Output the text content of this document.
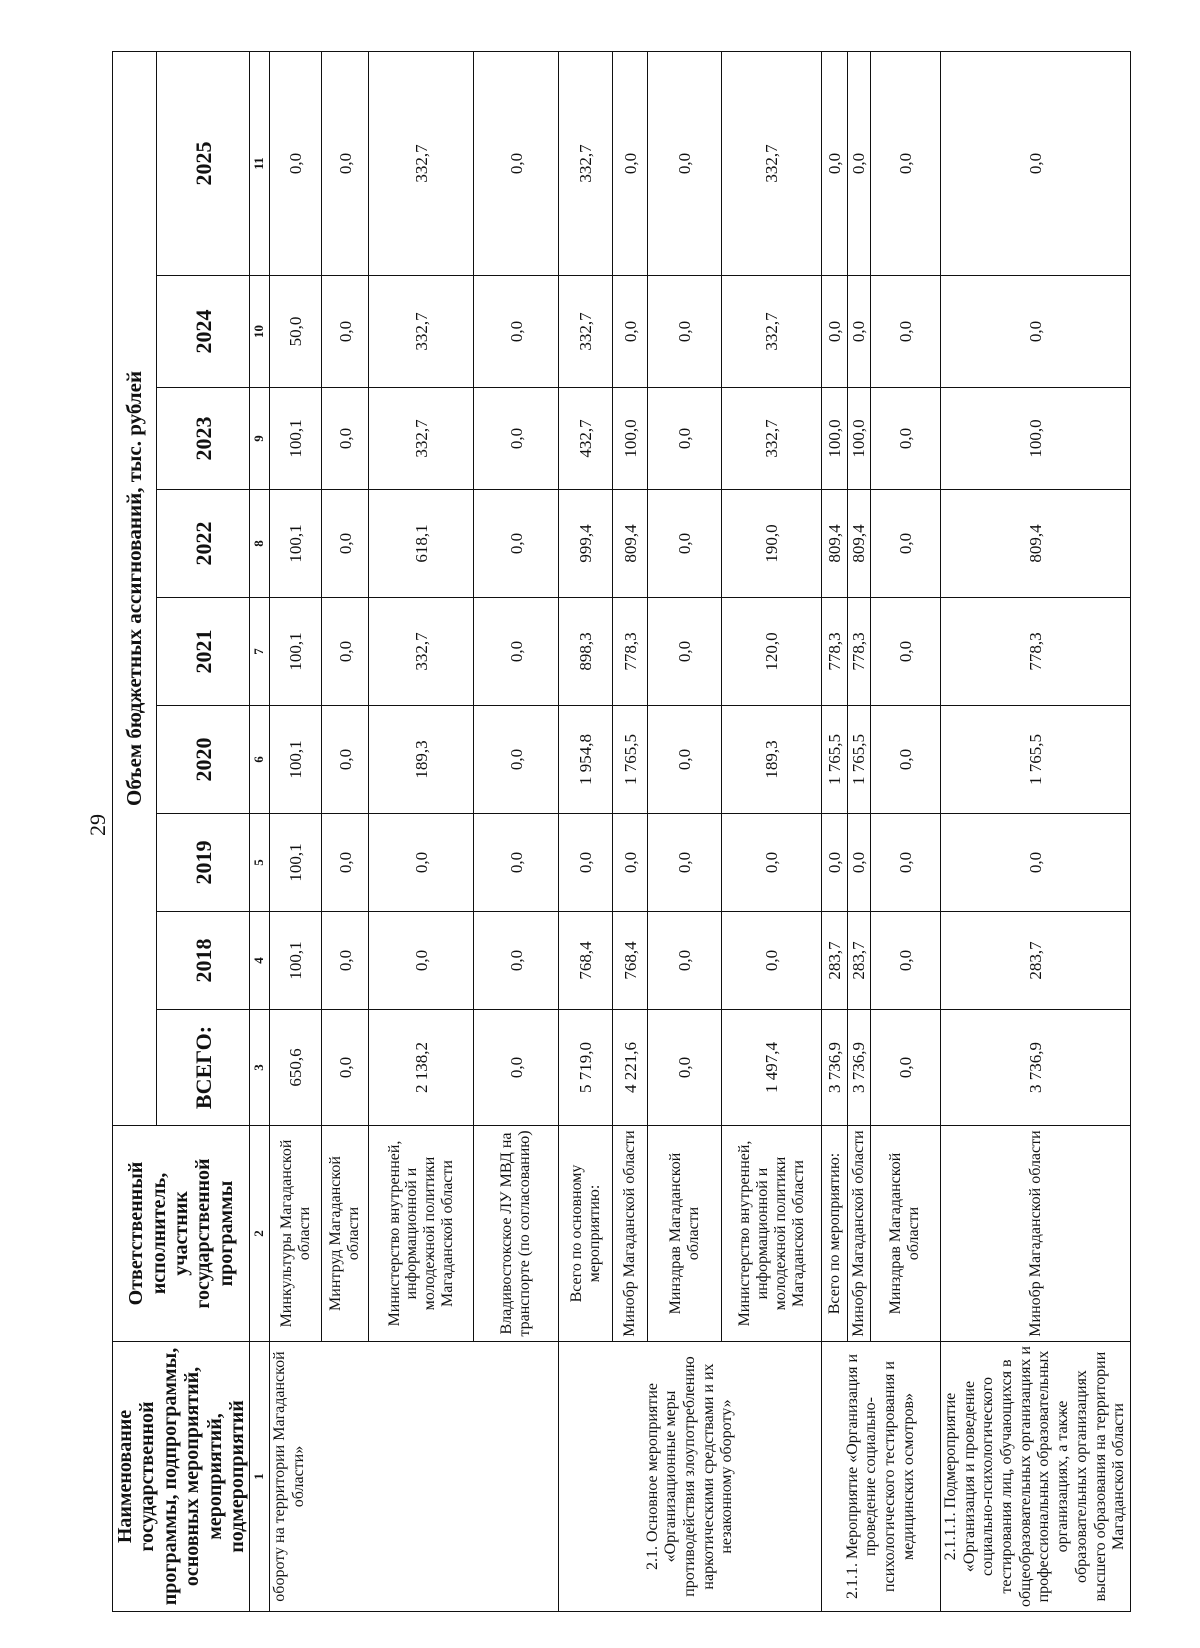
29
Наименование государственной программы, подпрограммы, основных мероприятий, мероприятий, подмероприятий	Ответственный исполнитель, участник государственной программы	Объем бюджетных ассигнований, тыс. рублей								
		ВСЕГО:	2018	2019	2020	2021	2022	2023	2024	2025
1	2	3	4	5	6	7	8	9	10	11
обороту на территории Магаданской области»	Минкультуры Магаданской области	650,6	100,1	100,1	100,1	100,1	100,1	100,1	50,0	0,0
	Минтруд Магаданской области	0,0	0,0	0,0	0,0	0,0	0,0	0,0	0,0	0,0
	Министерство внутренней, информационной и молодежной политики Магаданской области	2 138,2	0,0	0,0	189,3	332,7	618,1	332,7	332,7	332,7
	Владивостокское ЛУ МВД на транспорте (по согласованию)	0,0	0,0	0,0	0,0	0,0	0,0	0,0	0,0	0,0
2.1. Основное мероприятие «Организационные меры противодействия злоупотреблению наркотическими средствами и их незаконному обороту»	Всего по основному мероприятию:	5 719,0	768,4	0,0	1 954,8	898,3	999,4	432,7	332,7	332,7
	Минобр Магаданской области	4 221,6	768,4	0,0	1 765,5	778,3	809,4	100,0	0,0	0,0
	Минздрав Магаданской области	0,0	0,0	0,0	0,0	0,0	0,0	0,0	0,0	0,0
	Министерство внутренней, информационной и молодежной политики Магаданской области	1 497,4	0,0	0,0	189,3	120,0	190,0	332,7	332,7	332,7
2.1.1. Мероприятие «Организация и проведение социально-психологического тестирования и медицинских осмотров»	Всего по мероприятию:	3 736,9	283,7	0,0	1 765,5	778,3	809,4	100,0	0,0	0,0
	Минобр Магаданской области	3 736,9	283,7	0,0	1 765,5	778,3	809,4	100,0	0,0	0,0
	Минздрав Магаданской области	0,0	0,0	0,0	0,0	0,0	0,0	0,0	0,0	0,0
2.1.1.1. Подмероприятие «Организация и проведение социально-психологического тестирования лиц, обучающихся в общеобразовательных организациях и профессиональных образовательных организациях, а также образовательных организациях высшего образования на территории Магаданской области	Минобр Магаданской области	3 736,9	283,7	0,0	1 765,5	778,3	809,4	100,0	0,0	0,0
